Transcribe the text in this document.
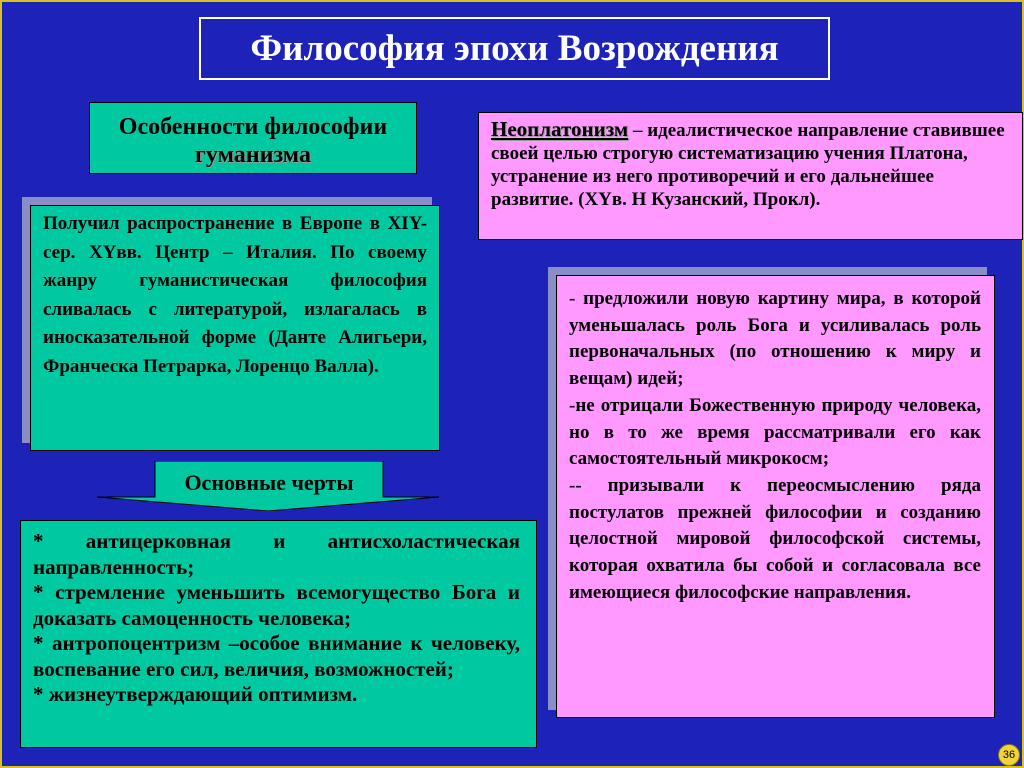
Философия эпохи Возрождения
Особенности философии
гуманизма
Неоплатонизм – идеалистическое направление ставившее своей целью строгую систематизацию учения Платона, устранение из него противоречий и его дальнейшее развитие. (XYв. Н Кузанский, Прокл).
Получил распространение в Европе в XIY-сер. XYвв. Центр – Италия. По своему жанру гуманистическая философия сливалась с литературой, излагалась в иносказательной форме (Данте Алигьери, Франческа Петрарка, Лоренцо Валла).
Основные черты

* антицерковная и антисхоластическая направленность;

* стремление уменьшить всемогущество Бога и доказать самоценность человека;

* антропоцентризм –особое внимание к человеку, воспевание его сил, величия, возможностей;

* жизнеутверждающий оптимизм.

- предложили новую картину мира, в которой уменьшалась роль Бога и усиливалась роль первоначальных (по отношению к миру и вещам) идей;

-не отрицали Божественную природу человека, но в то же время рассматривали его как самостоятельный микрокосм;

-- призывали к переосмыслению ряда постулатов прежней философии и созданию целостной мировой философской системы, которая охватила бы собой и согласовала все имеющиеся философские направления.

36
